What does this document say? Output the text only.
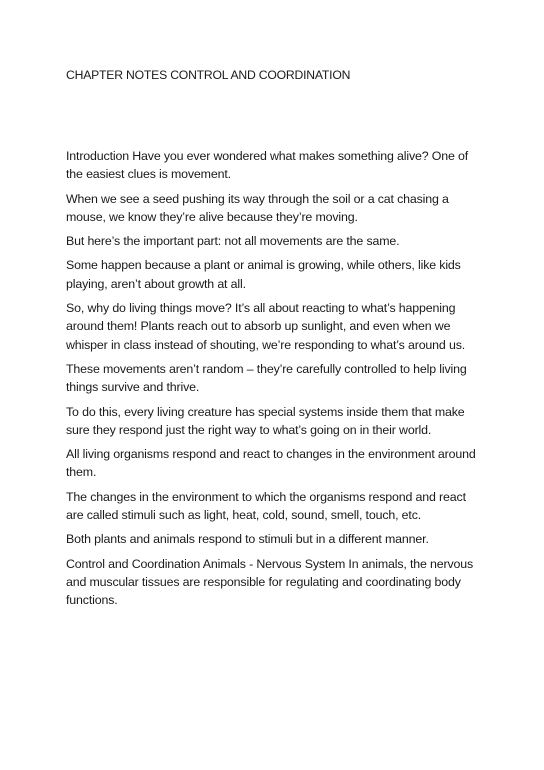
CHAPTER NOTES CONTROL AND COORDINATION

Introduction Have you ever wondered what makes something alive? One of the easiest clues is movement.

When we see a seed pushing its way through the soil or a cat chasing a mouse, we know they’re alive because they’re moving.

But here’s the important part: not all movements are the same.

Some happen because a plant or animal is growing, while others, like kids playing, aren’t about growth at all.

So, why do living things move? It’s all about reacting to what’s happening around them! Plants reach out to absorb up sunlight, and even when we whisper in class instead of shouting, we’re responding to what’s around us.

These movements aren’t random – they’re carefully controlled to help living things survive and thrive.

To do this, every living creature has special systems inside them that make sure they respond just the right way to what’s going on in their world.

All living organisms respond and react to changes in the environment around them.

The changes in the environment to which the organisms respond and react are called stimuli such as light, heat, cold, sound, smell, touch, etc.

Both plants and animals respond to stimuli but in a different manner.

Control and Coordination Animals - Nervous System In animals, the nervous and muscular tissues are responsible for regulating and coordinating body functions.
